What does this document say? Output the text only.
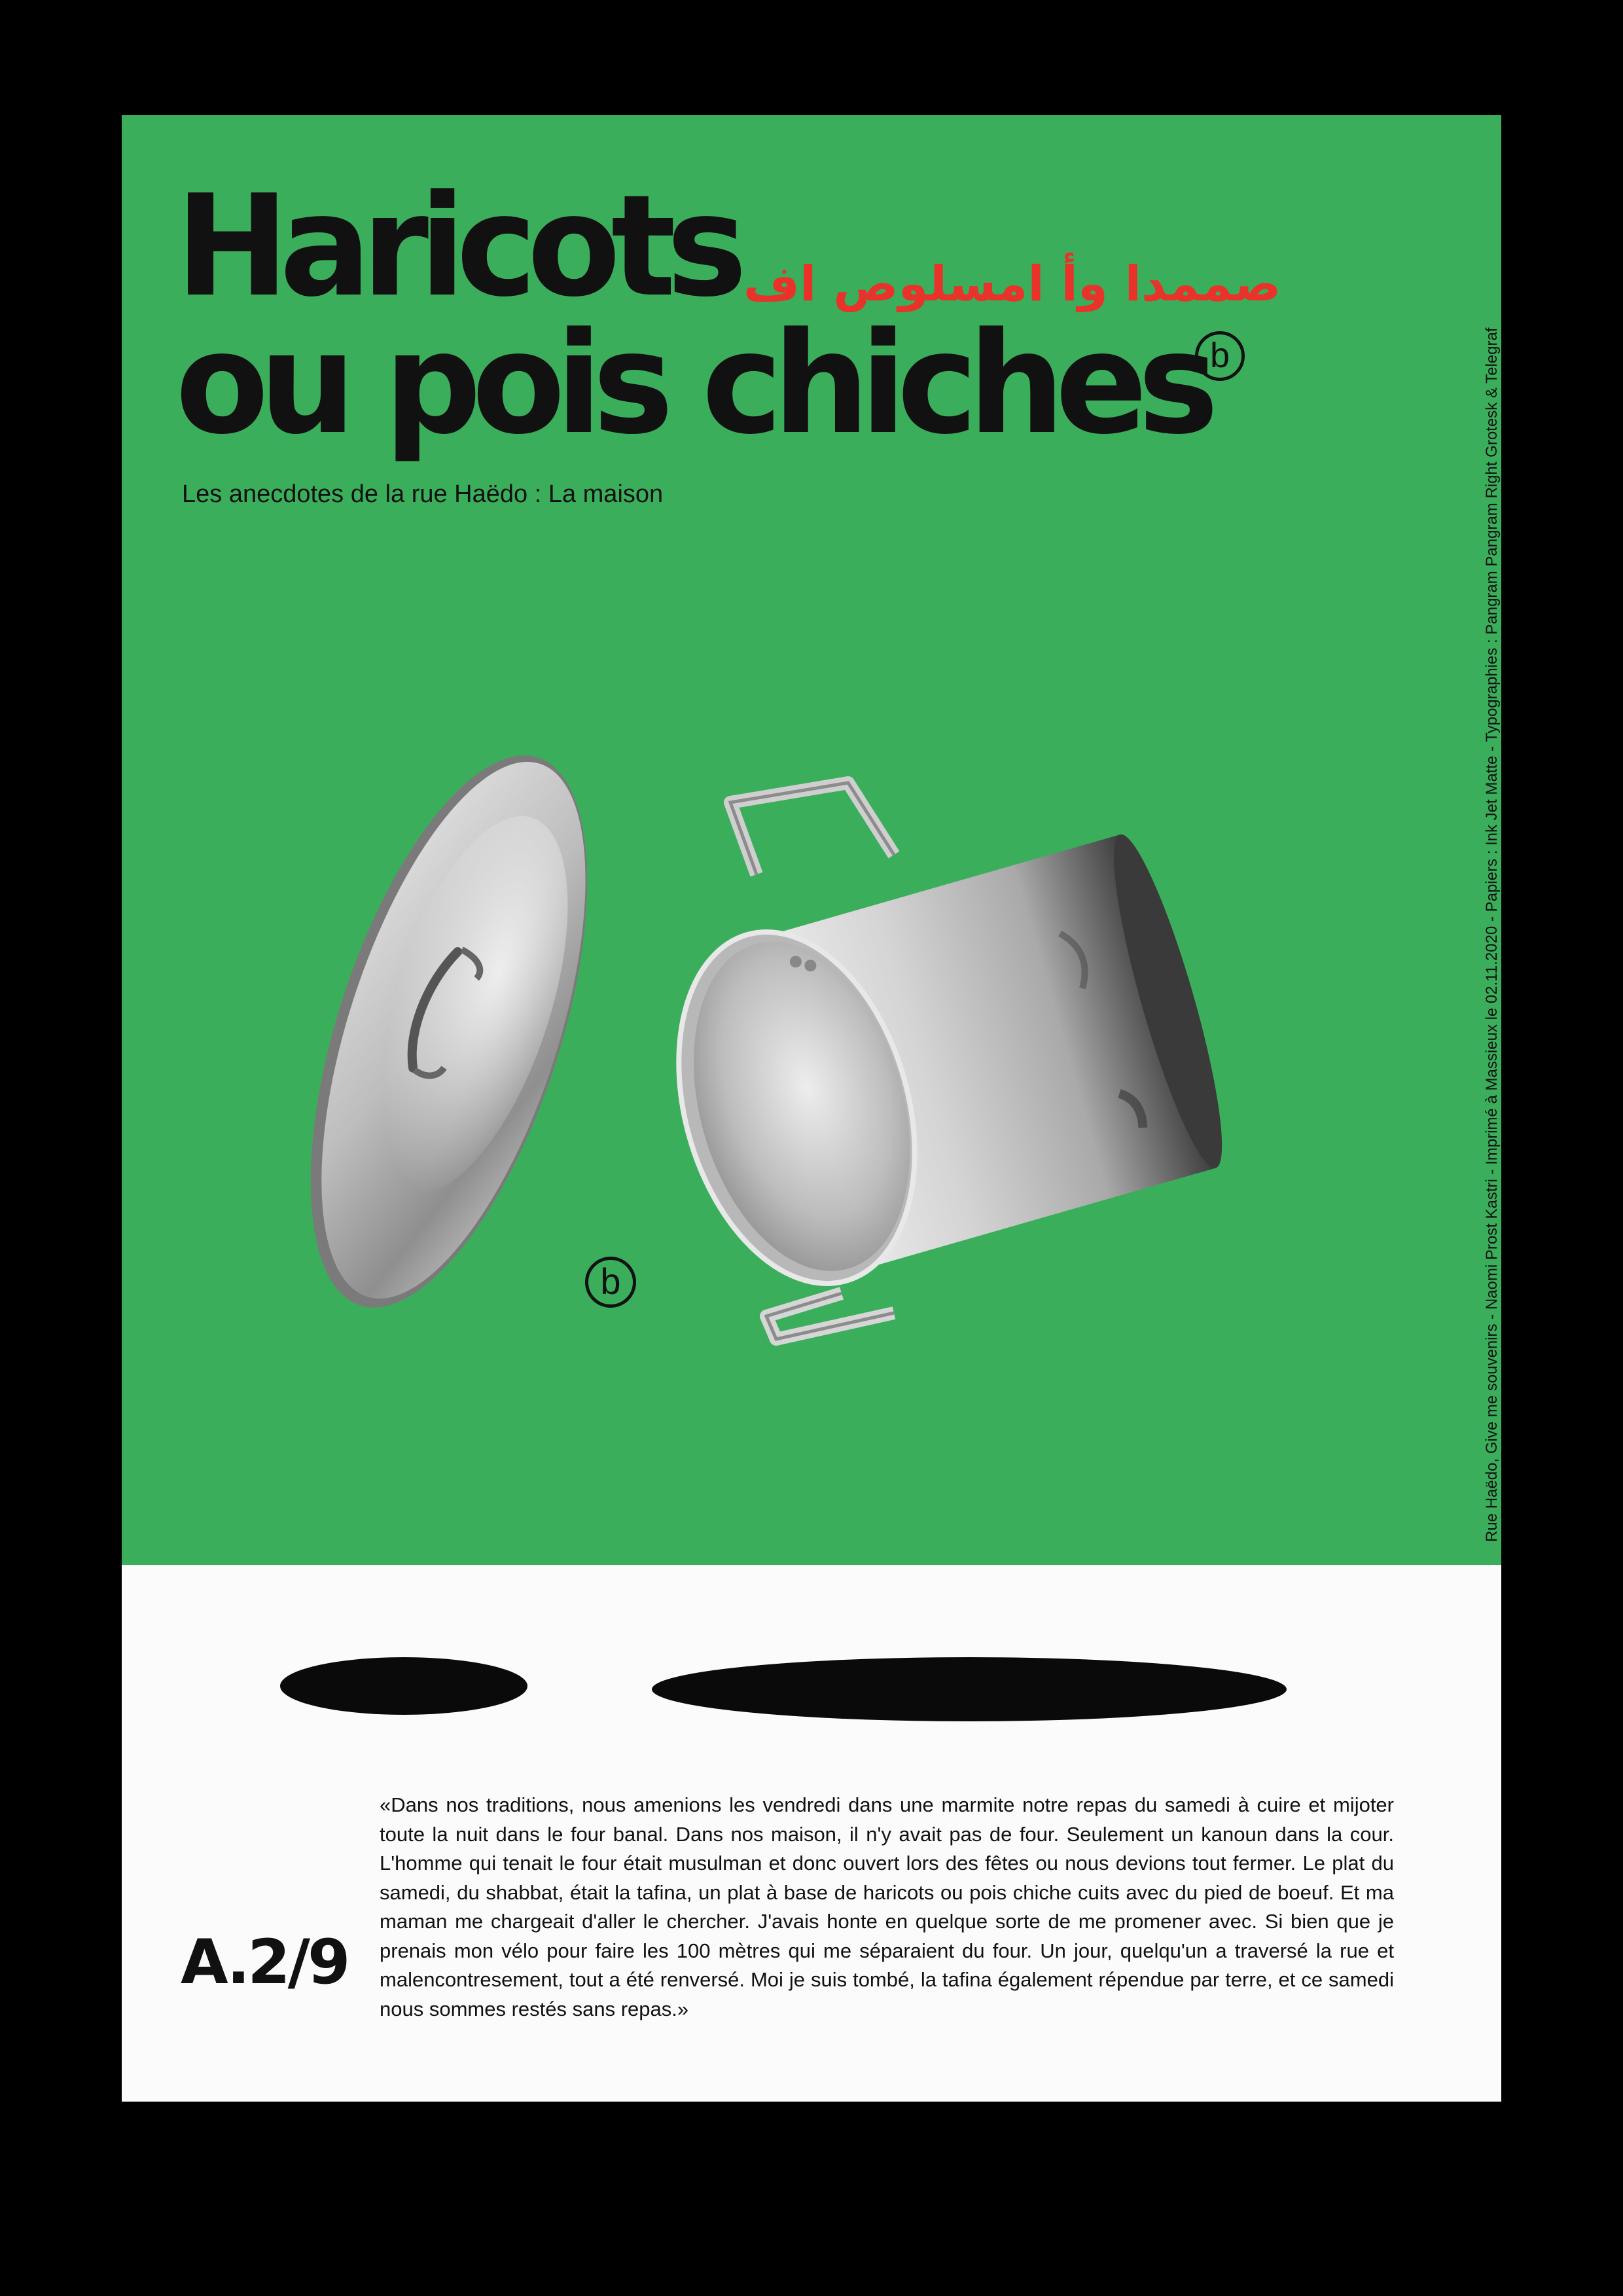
Haricots
ou pois chiches
صممدا وأ امسلوص اف
b
Les anecdotes de la rue Haëdo : La maison	Rue Haëdo, Give me souvenirs - Naomi Prost Kastri - Imprimé à Massieux le 02.11.2020 - Papiers : Ink Jet Matte - Typographies : Pangram Pangram Right Grotesk & Telegraf
b
A.2/9

«Dans nos traditions, nous amenions les vendredi dans une marmite notre repas du samedi à cuire et mijoter toute la nuit dans le four banal. Dans nos maison, il n'y avait pas de four. Seulement un kanoun dans la cour. L'homme qui tenait le four était musulman et donc ouvert lors des fêtes ou nous devions tout fermer. Le plat du samedi, du shabbat, était la tafina, un plat à base de haricots ou pois chiche cuits avec du pied de boeuf. Et ma maman me chargeait d'aller le chercher. J'avais honte en quelque sorte de me promener avec. Si bien que je prenais mon vélo pour faire les 100 mètres qui me séparaient du four. Un jour, quelqu'un a traversé la rue et malencontresement, tout a été renversé. Moi je suis tombé, la tafina également répendue par terre, et ce samedi nous sommes restés sans repas.»
